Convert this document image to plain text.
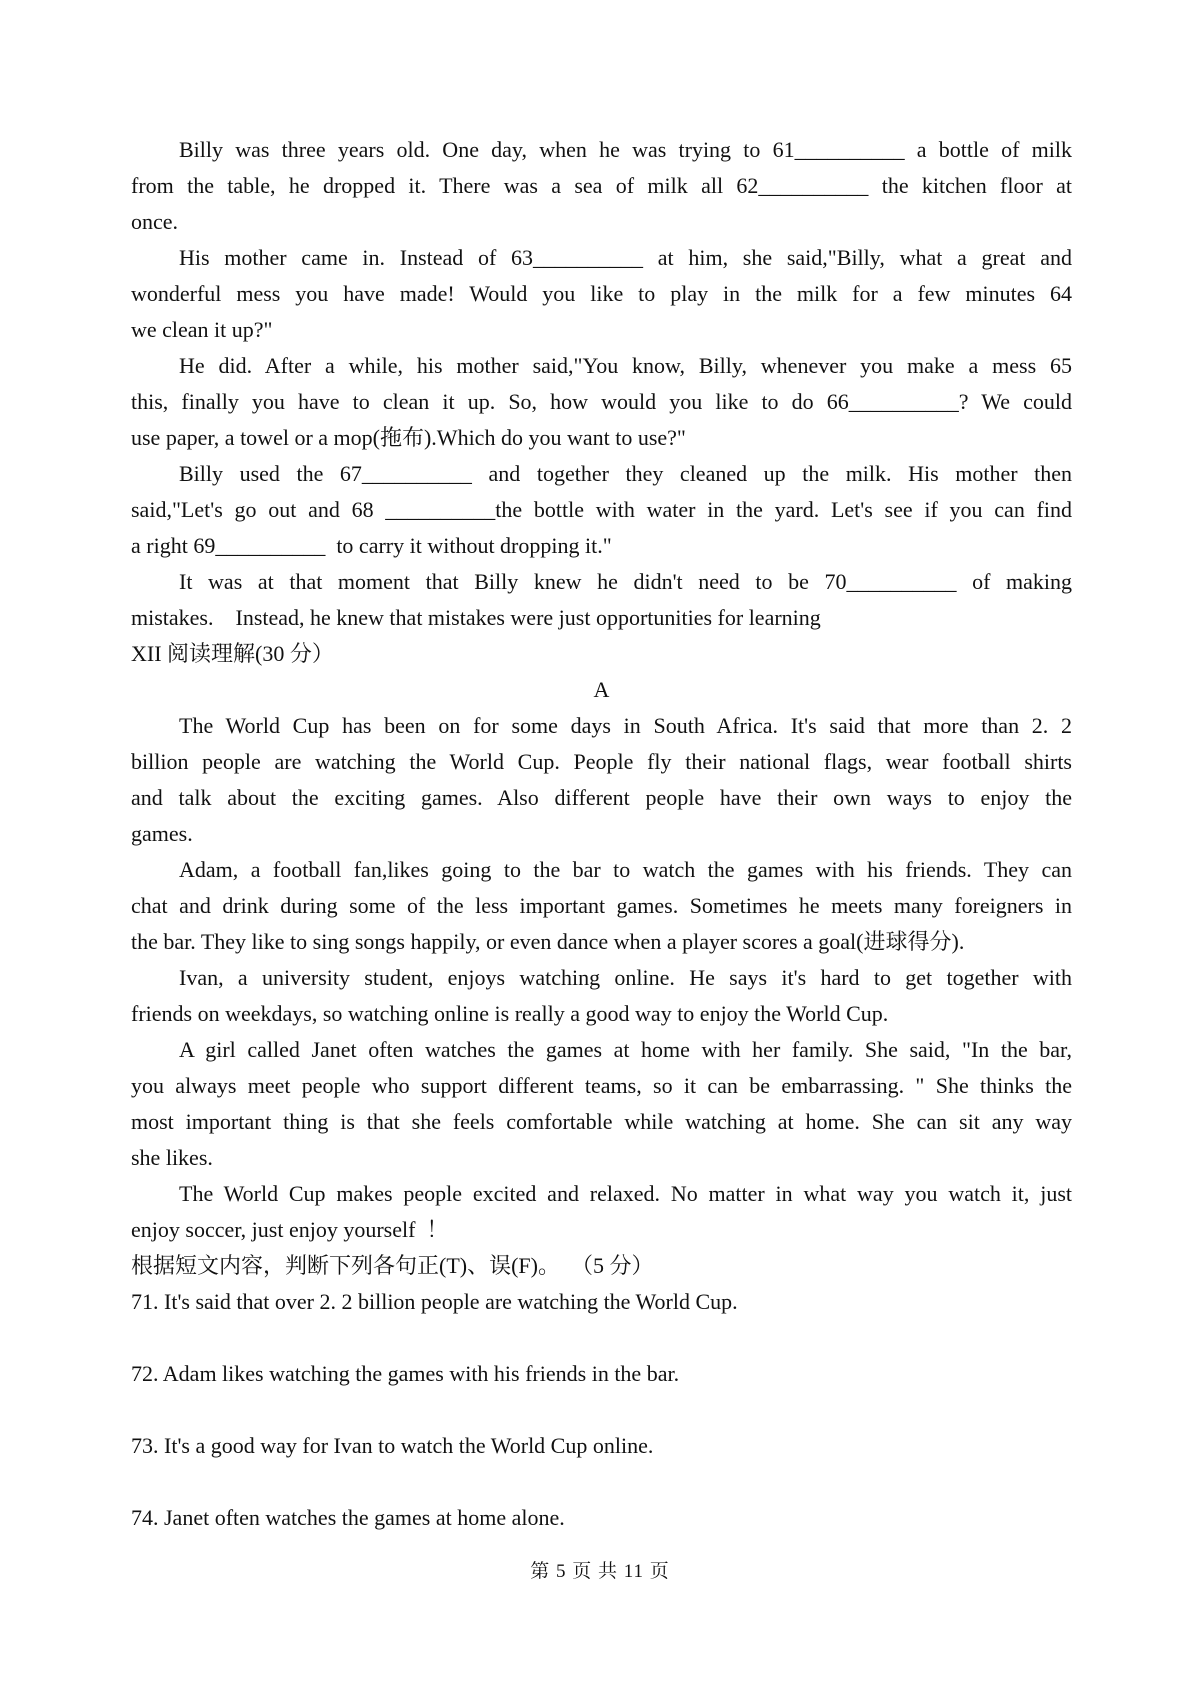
Billy was three years old. One day, when he was trying to 61__________ a bottle of milk
from the table, he dropped it. There was a sea of milk all 62__________ the kitchen floor at
once.
His mother came in. Instead of 63__________ at him, she said,"Billy, what a great and
wonderful mess you have made! Would you like to play in the milk for a few minutes 64
we clean it up?"
He did. After a while, his mother said,"You know, Billy, whenever you make a mess 65
this, finally you have to clean it up. So, how would you like to do 66__________? We could
use paper, a towel or a mop(拖布).Which do you want to use?"
Billy used the 67__________ and together they cleaned up the milk. His mother then
said,"Let's go out and 68 __________the bottle with water in the yard. Let's see if you can find
a right 69__________  to carry it without dropping it."
It was at that moment that Billy knew he didn't need to be 70__________ of making
mistakes.    Instead, he knew that mistakes were just opportunities for learning
XII 阅读理解(30 分）
A
The World Cup has been on for some days in South Africa. It's said that more than 2. 2
billion people are watching the World Cup. People fly their national flags, wear football shirts
and talk about the exciting games. Also different people have their own ways to enjoy the
games.
Adam, a football fan,likes going to the bar to watch the games with his friends. They can
chat and drink during some of the less important games. Sometimes he meets many foreigners in
the bar. They like to sing songs happily, or even dance when a player scores a goal(进球得分).
Ivan, a university student, enjoys watching online. He says it's hard to get together with
friends on weekdays, so watching online is really a good way to enjoy the World Cup.
A girl called Janet often watches the games at home with her family. She said, "In the bar,
you always meet people who support different teams, so it can be embarrassing. " She thinks the
most important thing is that she feels comfortable while watching at home. She can sit any way
she likes.
The World Cup makes people excited and relaxed. No matter in what way you watch it, just
enjoy soccer, just enjoy yourself  ！
根据短文内容，判断下列各句正(T)、误(F)。  （5 分）
71. It's said that over 2. 2 billion people are watching the World Cup.
72. Adam likes watching the games with his friends in the bar.
73. It's a good way for Ivan to watch the World Cup online.
74. Janet often watches the games at home alone.
第 5 页 共 11 页
